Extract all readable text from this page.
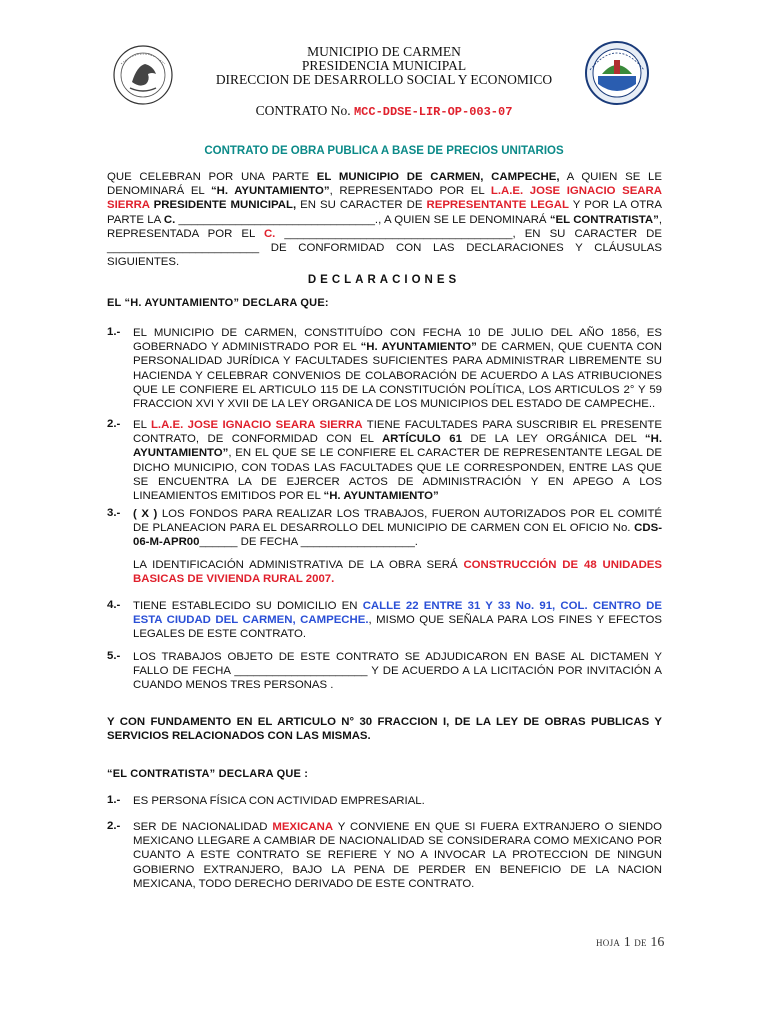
MUNICIPIO DE CARMEN
PRESIDENCIA MUNICIPAL
DIRECCION DE DESARROLLO SOCIAL Y ECONOMICO
CONTRATO No. MCC-DDSE-LIR-OP-003-07
CONTRATO DE OBRA PUBLICA A BASE DE PRECIOS UNITARIOS
QUE CELEBRAN POR UNA PARTE EL MUNICIPIO DE CARMEN, CAMPECHE, A QUIEN SE LE DENOMINARÁ EL “H. AYUNTAMIENTO”, REPRESENTADO POR EL L.A.E. JOSE IGNACIO SEARA SIERRA PRESIDENTE MUNICIPAL, EN SU CARACTER DE REPRESENTANTE LEGAL Y POR LA OTRA PARTE LA C. _______________________________., A QUIEN SE LE DENOMINARÁ “EL CONTRATISTA”, REPRESENTADA POR EL C. ____________________________________, EN SU CARACTER DE ________________________ DE CONFORMIDAD CON LAS DECLARACIONES Y CLÁUSULAS SIGUIENTES.
DECLARACIONES
EL “H. AYUNTAMIENTO” DECLARA QUE:
1.- EL MUNICIPIO DE CARMEN, CONSTITUÍDO CON FECHA 10 DE JULIO DEL AÑO 1856, ES GOBERNADO Y ADMINISTRADO POR EL “H. AYUNTAMIENTO” DE CARMEN, QUE CUENTA CON PERSONALIDAD JURÍDICA Y FACULTADES SUFICIENTES PARA ADMINISTRAR LIBREMENTE SU HACIENDA Y CELEBRAR CONVENIOS DE COLABORACIÓN DE ACUERDO A LAS ATRIBUCIONES QUE LE CONFIERE EL ARTICULO 115 DE LA CONSTITUCIÓN POLÍTICA, LOS ARTICULOS 2° Y 59 FRACCION XVI Y XVII DE LA LEY ORGANICA DE LOS MUNICIPIOS DEL ESTADO DE CAMPECHE..
2.- EL L.A.E. JOSE IGNACIO SEARA SIERRA TIENE FACULTADES PARA SUSCRIBIR EL PRESENTE CONTRATO, DE CONFORMIDAD CON EL ARTÍCULO 61 DE LA LEY ORGÁNICA DEL “H. AYUNTAMIENTO”, EN EL QUE SE LE CONFIERE EL CARACTER DE REPRESENTANTE LEGAL DE DICHO MUNICIPIO, CON TODAS LAS FACULTADES QUE LE CORRESPONDEN, ENTRE LAS QUE SE ENCUENTRA LA DE EJERCER ACTOS DE ADMINISTRACIÓN Y EN APEGO A LOS LINEAMIENTOS EMITIDOS POR EL “H. AYUNTAMIENTO”
3.- ( X ) LOS FONDOS PARA REALIZAR LOS TRABAJOS, FUERON AUTORIZADOS POR EL COMITÉ DE PLANEACION PARA EL DESARROLLO DEL MUNICIPIO DE CARMEN CON EL OFICIO No. CDS-06-M-APR00______ DE FECHA __________________.
LA IDENTIFICACIÓN ADMINISTRATIVA DE LA OBRA SERÁ CONSTRUCCIÓN DE 48 UNIDADES BASICAS DE VIVIENDA RURAL 2007.
4.- TIENE ESTABLECIDO SU DOMICILIO EN CALLE 22 ENTRE 31 Y 33 No. 91, COL. CENTRO DE ESTA CIUDAD DEL CARMEN, CAMPECHE., MISMO QUE SEÑALA PARA LOS FINES Y EFECTOS LEGALES DE ESTE CONTRATO.
5.- LOS TRABAJOS OBJETO DE ESTE CONTRATO SE ADJUDICARON EN BASE AL DICTAMEN Y FALLO DE FECHA _____________________ Y DE ACUERDO A LA LICITACIÓN POR INVITACIÓN A CUANDO MENOS TRES PERSONAS .
Y CON FUNDAMENTO EN EL ARTICULO N° 30 FRACCION I, DE LA LEY DE OBRAS PUBLICAS Y SERVICIOS RELACIONADOS CON LAS MISMAS.
“EL CONTRATISTA” DECLARA QUE :
1.- ES PERSONA FÍSICA CON ACTIVIDAD EMPRESARIAL.
2.- SER DE NACIONALIDAD MEXICANA Y CONVIENE EN QUE SI FUERA EXTRANJERO O SIENDO MEXICANO LLEGARE A CAMBIAR DE NACIONALIDAD SE CONSIDERARA COMO MEXICANO POR CUANTO A ESTE CONTRATO SE REFIERE Y NO A INVOCAR LA PROTECCION DE NINGUN GOBIERNO EXTRANJERO, BAJO LA PENA DE PERDER EN BENEFICIO DE LA NACION MEXICANA, TODO DERECHO DERIVADO DE ESTE CONTRATO.
HOJA 1 DE 16
